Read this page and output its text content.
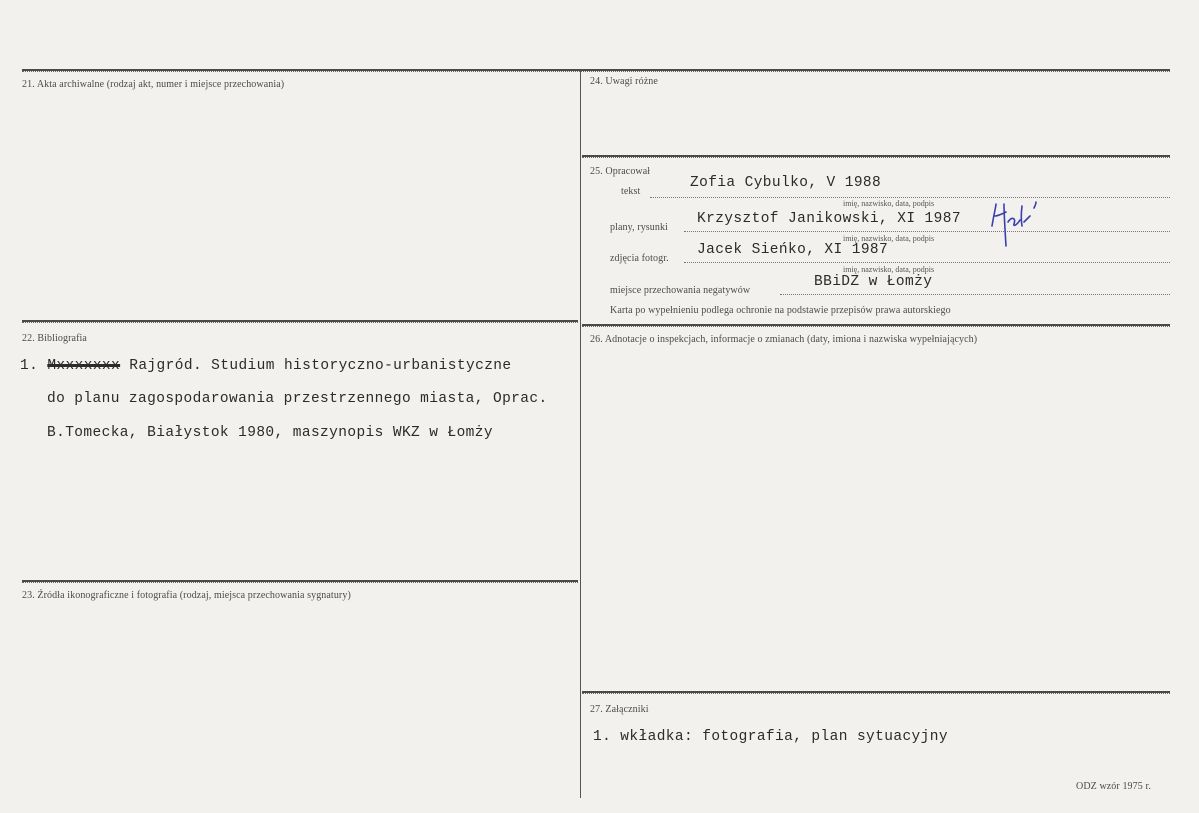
21. Akta archiwalne (rodzaj akt, numer i miejsce przechowania)
22. Bibliografia
1. Mxxxxxxx Rajgród. Studium historyczno-urbanistyczne
do planu zagospodarowania przestrzennego miasta, Oprac.
B.Tomecka, Białystok 1980, maszynopis WKZ w Łomży
23. Źródła ikonograficzne i fotografia (rodzaj, miejsca przechowania sygnatury)
24. Uwagi różne
25. Opracował
tekst
Zofia Cybulko, V 1988
imię, nazwisko, data, podpis
plany, rysunki
Krzysztof Janikowski, XI 1987
imię, nazwisko, data, podpis
zdjęcia fotogr.
Jacek Sieńko, XI 1987
imię, nazwisko, data, podpis
miejsce przechowania negatywów
BBiDZ w Łomży
Karta po wypełnieniu podlega ochronie na podstawie przepisów prawa autorskiego
26. Adnotacje o inspekcjach, informacje o zmianach (daty, imiona i nazwiska wypełniających)
27. Załączniki
1. wkładka: fotografia, plan sytuacyjny
ODZ wzór 1975 r.
